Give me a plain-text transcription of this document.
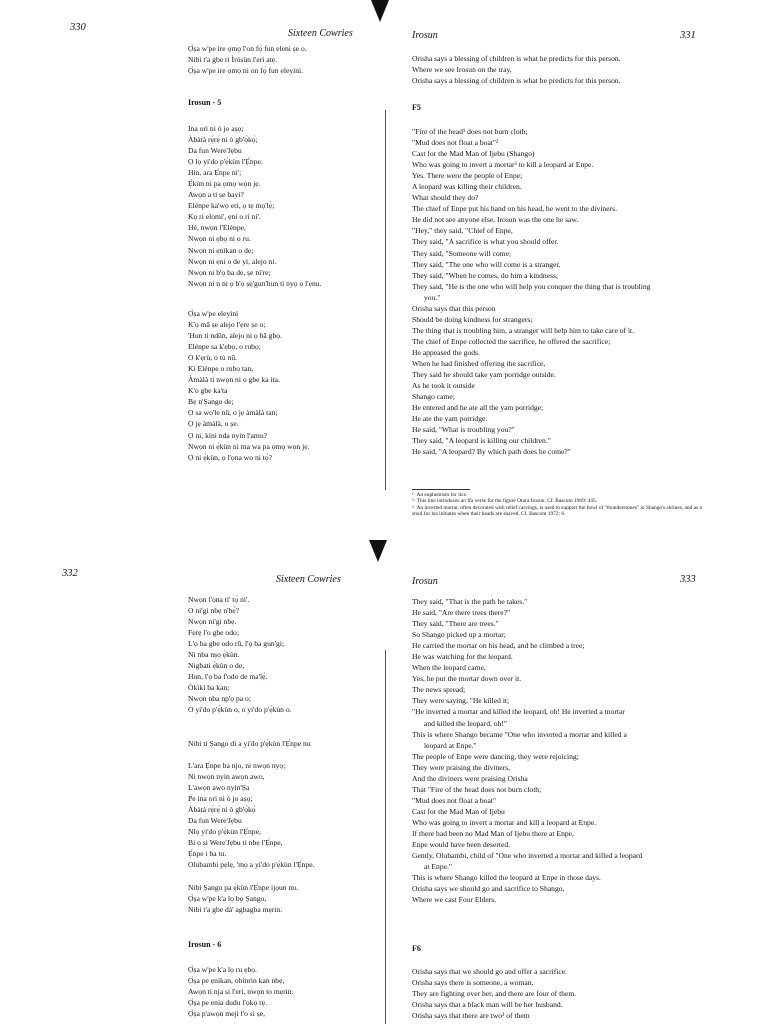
330
Sixteen Cowries
Ọ̀ṣa w'pe ire ọmọ l'on fọ̀ fun eleni ṣe o.
Nibi t'a gbe ri Ìrósùn l'eri atẹ.
Ọ̀ṣa w'pe ire ọmọ ni on fọ̀ fun eleyini.
Irosun - 5
Ina ori ni ò jo aṣọ;
Àbàtà rẹ́rẹ́ ni ò gb'ọ̀kọ̀;
Da fun Were'Jẹbu
Ọ lọ yi'do p'ẹ̀kùn l'Ẹ́npe.
Hin, ara Ẹ́npe ni';
Ẹ̀kùn ni pa ọmọ wọn jẹ.
Awọn a ti ṣe bayi?
Elénpe ka'wọ eri, ọ tẹ mọ'lẹ̀;
Kọ ri elomi', ẹni o ri ni'.
Hé, nwọn l'Elénpe,
Nwọn ni ẹbọ ni o ru.
Nwọn ni ẹnikan o de;
Nwọn ni ẹni o de yi, alejo ni.
Nwọn ni b'ọ ba de, ṣe ni're;
Nwọn ni n ni ọ b'ọ ṣẹ'gun'hun ti nyọ ọ l'ẹnu.
Ọ̀ṣa w'pe eleyini
K'ọ mā ṣe alejo l'ẹre ṣe o;
'Hun ti ndūn, alejo ni ọ bā gbọ.
Elénpe sa k'ẹbọ, o rubọ;
O k'ẹrù, o tù nū.
Ki Elénpe o rubọ tan,
Àmàlà ti nwọn ni o gbe ka ita.
K'o gbe ka'ta
Bẹ n'Ṣango de;
Ọ sa wọ'le nū, o jẹ àmàlà tan;
Ọ jẹ àmàlà, o ṣe.
Ọ ni, kini nda nyin l'amu?
Nwọn ni ẹ̀kùn ni ma wa pa ọmọ wọn jẹ.
Ọ ni ẹ̀kùn, ọ l'ọna wo ni tọ̀?
Irosun	331
Orisha says a blessing of children is what he predicts for this person.
Where we see Irosun on the tray,
Orisha says a blessing of children is what he predicts for this person.
F5
"Fire of the head¹ does not burn cloth;
"Mud does not float a boat"²
Cast for the Mad Man of Ijebu (Shango)
Who was going to invert a mortar³ to kill a leopard at Enpe.
Yes. There were the people of Enpe;
A leopard was killing their children.
What should they do?
The chief of Enpe put his hand on his head, he went to the diviners.
He did not see anyone else, Irosun was the one he saw.
"Hey," they said, "Chief of Enpe,
They said, "A sacrifice is what you should offer.
They said, "Someone will come;
They said, "The one who will come is a stranger.
They said, "When he comes, do him a kindness;
They said, "He is the one who will help you conquer the thing that is troubling
you."
Orisha says that this person
Should be doing kindness for strangers;
The thing that is troubling him, a stranger will help him to take care of it.
The chief of Enpe collected the sacrifice, he offered the sacrifice;
He appeased the gods.
When he had finished offering the sacrifice,
They said he should take yam porridge outside.
As he took it outside
Shango came;
He entered and he ate all the yam porridge;
He ate the yam porridge.
He said, "What is troubling you?"
They said, "A leopard is killing our children."
He said, "A leopard? By which path does he come?"
¹· An euphemism for lice.
²· This line introduces an Ifa verse for the figure Otura Irosun. Cf. Bascom 1969: 445.
³· An inverted mortar, often decorated with relief carvings, is used to support the bowl of "thunderstones" in Shango's shrines, and as a stool for his initiates when their heads are shaved. Cf. Bascom 1972: 6.
332
Sixteen Cowries
Nwọn l'ọna ti' tọ̀ ni'.
O ni'gi nbẹ n'bẹ̀?
Nwọn ni'gi nbẹ.
Fẹrẹ l'o gbe odo;
L'ọ ba gbe odo rū, l'ọ ba gun'gi;
Ni nba nṣọ ẹ̀kùn.
Nigbati ẹ̀kùn o de,
Hun, l'ọ ba f'odo de ma'lẹ̀.
Òkìkí ba kan;
Nwọn nba np'ọ pa o;
O yi'do p'ẹ̀kùn o, o yi'do p'ẹ̀kùn o.
Nibi ti Ṣango di a yi'do p'ẹ̀kùn l'Ẹ́npe nu
L'ara Ẹ́npe ba njo, ni nwọn nyọ;
Ni nwọn nyin awọn awo,
L'awọn awo nyin'Ṣa
Pe ina ori ni ò jo aṣọ;
Àbàtà rẹ́rẹ́ ni ò gb'ọ̀kọ̀
Da fun Were'Jẹbu
Nlọ yi'do p'ẹ̀kùn l'Ẹ́npe,
Bi o si Were'Jẹbu ti nbẹ l'Ẹ́npe,
Ẹ́npe i ba tu.
Olubambi pẹlẹ, 'mọ a yi'do p'ẹ̀kùn l'Ẹ́npe.
Nibi Ṣango pa ẹ̀kùn l'Ẹ́npe ijọun nu.
Ọ̀ṣa w'pe k'a lọ bọ Ṣango,
Nibi t'a gbe dá' agbagba mẹrin.
Irosun - 6
Ọ̀ṣa w'pe k'a lọ ru ẹbọ.
Ọ̀ṣa pe ẹnikan, obinrin kan nbẹ,
Awọn ti nja si l'eri, nwọn to mẹrin.
Ọ̀ṣa pe enia dudu l'ọkọ rẹ.
Ọ̀ṣa p'awọn meji l'o si ṣe,
Irosun	333
They said, "That is the path he takes."
He said, "Are there trees there?"
They said, "There are trees."
So Shango picked up a mortar;
He carried the mortar on his head, and he climbed a tree;
He was watching for the leopard.
When the leopard came,
Yes, he put the mortar down over it.
The news spread;
They were saying, "He killed it;
"He inverted a mortar and killed the leopard, oh! He inverted a mortar
and killed the leopard, oh!"
This is where Shango became "One who inverted a mortar and killed a
leopard at Enpe."
The people of Enpe were dancing, they were rejoicing;
They were praising the diviners,
And the diviners were praising Orisha
That "Fire of the head does not burn cloth;
"Mud does not float a boat"
Cast for the Mad Man of Ijebu
Who was going to invert a mortar and kill a leopard at Enpe.
If there had been no Mad Man of Ijebu there at Enpe,
Enpe would have been deserted.
Gently, Olubambi, child of "One who inverted a mortar and killed a leopard
at Enpe."
This is where Shango killed the leopard at Enpe in those days.
Orisha says we should go and sacrifice to Shango,
Where we cast Four Elders.
F6
Orisha says that we should go and offer a sacrifice.
Orisha says there is someone, a woman,
They are fighting over her, and there are four of them.
Orisha says that a black man will be her husband.
Orisha says that there are two³ of them
